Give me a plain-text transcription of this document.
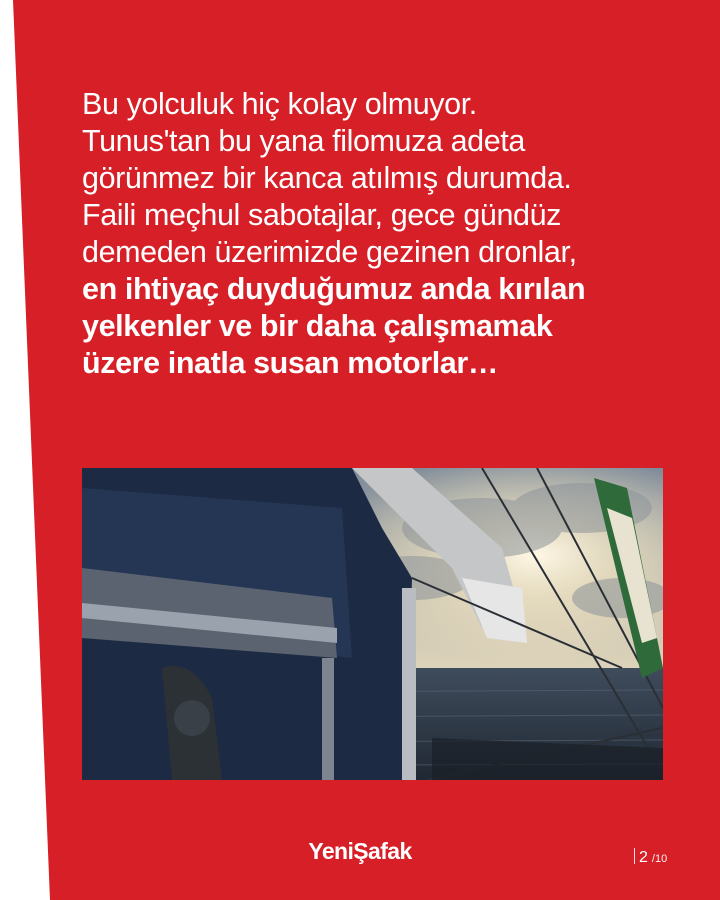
Bu yolculuk hiç kolay olmuyor.
Tunus'tan bu yana filomuza adeta
görünmez bir kanca atılmış durumda.
Faili meçhul sabotajlar, gece gündüz
demeden üzerimizde gezinen dronlar,
en ihtiyaç duyduğumuz anda kırılan
yelkenler ve bir daha çalışmamak
üzere inatla susan motorlar…

YeniŞafak	2 /10
